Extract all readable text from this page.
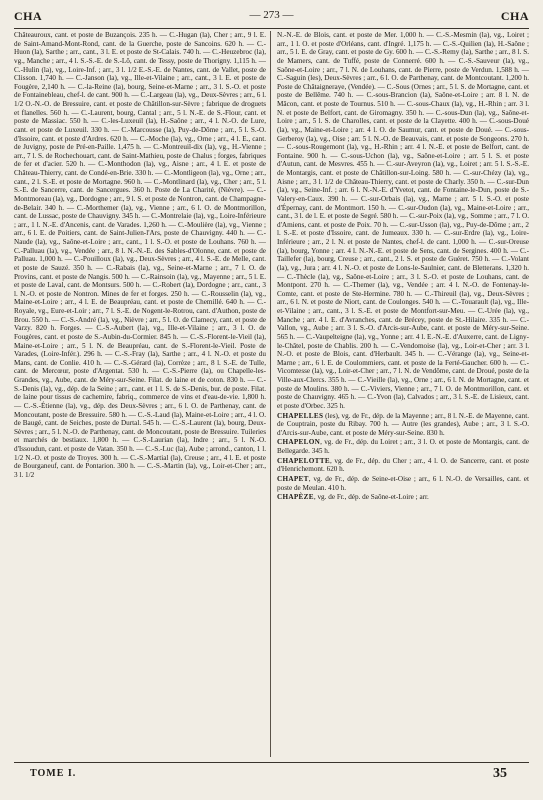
CHA	— 273 —	CHA

Châteauroux, cant. et poste de Buzançois. 235 h. — C.-Hugan (la), Cher ; arr., 9 l. E. de Saint-Amand-Mont-Rond, cant. de la Guerche, poste de Sancoins. 620 h. — C.-Huon (la), Sarthe ; arr., cant., 3 l. E. et poste de St-Calais. 740 h. — C.-Heuzebroc (la), vg., Manche ; arr., 4 l. S.-S.-E. de S.-Lô, cant. de Tessy, poste de Thorigny. 1,115 h. — C.-Hulin (la), vg., Loire-Inf. ; arr., 3 l. 1/2 E.-S.-E. de Nantes, cant. de Vallet, poste de Clisson. 1,740 h. — C.-Janson (la), vg., Ille-et-Vilaine ; arr., cant., 3 l. E. et poste de Fougère, 2,140 h. — C.-la-Reine (la), bourg, Seine-et-Marne ; arr., 3 l. S.-O. et poste de Fontainebleau, chef-l. de cant. 900 h. — C.-Largeau (la), vg., Deux-Sèvres ; arr., 6 l. 1/2 O.-N.-O. de Bressuire, cant. et poste de Châtillon-sur-Sèvre ; fabrique de droguets et flanelles. 560 h. — C.-Laurent, bourg, Cantal ; arr., 5 l. N.-E. de S.-Flour, cant. et poste de Massiac. 550 h. — C.-les-Luxeuil (la), H.-Saône ; arr., 4 l. N.-O. de Lure, cant. et poste de Luxeuil. 330 h. — C.-Marcousse (la), Puy-de-Dôme ; arr., 5 l. S.-O. d'Issoire, cant. et poste d'Ardres. 620 h. — C.-Moche (la), vg., Orne ; arr., 4 l. E., cant. de Juvigny, poste de Pré-en-Paille. 1,475 h. — C.-Montreuil-dix (la), vg., H.-Vienne ; arr., 7 l. S. de Rochechouart, cant. de Saint-Mathieu, poste de Chalus ; forges, fabriques de fer et d'acier. 520 h. — C.-Monthodon (la), vg., Aisne ; arr., 4 l. E. et poste de Château-Thierry, cant. de Condé-en-Brie. 330 h. — C.-Montligeon (la), vg., Orne ; arr., cant., 2 l. S.-E. et poste de Mortagne. 960 h. — C.-Montlinard (la), vg., Cher ; arr., 5 l. S.-E. de Sancerre, cant. de Sancergues. 360 h. Poste de La Charité, (Nièvre). — C.-Montmoreau (la), vg., Dordogne ; arr., 9 l. S. et poste de Nontron, cant. de Champagne-de-Belair. 340 h. — C.-Morthemer (la), vg., Vienne ; arr., 6 l. O. de Montmorillon, cant. de Lussac, poste de Chauvigny. 345 h. — C.-Montrelaie (la), vg., Loire-Inférieure ; arr., 1 l. N.-E. d'Ancenis, cant. de Varades. 1,260 h. — C.-Moulière (la), vg., Vienne ; arr., 6 l. E. de Poitiers, cant. de Saint-Julien-l'Ars, poste de Chauvigny. 440 h. — C.-Naude (la), vg., Saône-et-Loire ; arr., cant., 1 l. S.-O. et poste de Louhans. 760 h. — C.-Palluau (la), vg., Vendée ; arr., 8 l. N.-N.-E. des Sables-d'Olonne, cant. et poste de Palluau. 1,000 h. — C.-Pouilloux (la), vg., Deux-Sèvres ; arr., 4 l. S.-E. de Melle, cant. et poste de Sauzé. 350 h. — C.-Rabais (la), vg., Seine-et-Marne ; arr., 7 l. O. de Provins, cant. et poste de Nangis. 500 h. — C.-Rainsoin (la), vg., Mayenne ; arr., 5 l. E. et poste de Laval, cant. de Montsurs. 500 h. — C.-Robert (la), Dordogne ; arr., cant., 3 l. N.-O. et poste de Nontron. Mines de fer et forges. 250 h. — C.-Rousselin (la), vg., Maine-et-Loire ; arr., 4 l. E. de Beaupréau, cant. et poste de Chemillé. 640 h. — C.-Royale, vg., Eure-et-Loir ; arr., 7 l. S.-E. de Nogent-le-Rotrou, cant. d'Authon, poste de Brou. 550 h. — C.-S.-André (la), vg., Nièvre ; arr., 5 l. O. de Clamecy, cant. et poste de Varzy. 820 h. Forges. — C.-S.-Aubert (la), vg., Ille-et-Vilaine ; arr., 3 l. O. de Fougères, cant. et poste de S.-Aubin-du-Cormier. 845 h. — C.-S.-Florent-le-Vieil (la), Maine-et-Loire ; arr., 5 l. N. de Beaupréau, cant. de S.-Florent-le-Vieil. Poste de Varades, (Loire-Infér.). 296 h. — C.-S.-Fray (la), Sarthe ; arr., 4 l. N.-O. et poste du Mans, cant. de Conlie. 410 h. — C.-S.-Gérard (la), Corrèze ; arr., 8 l. S.-E. de Tulle, cant. de Mercœur, poste d'Argentat. 530 h. — C.-S.-Pierre (la), ou Chapelle-les-Grandes, vg., Aube, cant. de Méry-sur-Seine. Filat. de laine et de coton. 830 h. — C.-S.-Denis (la), vg., dép. de la Seine ; arr., cant. et 1 l. S. de S.-Denis, bur. de poste. Filat. de laine pour tissus de cachemire, fabriq., commerce de vins et d'eau-de-vie. 1,800 h. — C.-S.-Étienne (la), vg., dép. des Deux-Sèvres ; arr., 6 l. O. de Parthenay, cant. de Moncoutant, poste de Bressuire. 580 h. — C.-S.-Laud (la), Maine-et-Loire ; arr., 4 l. O. de Baugé, cant. de Seiches, poste de Durtal. 545 h. — C.-S.-Laurent (la), bourg, Deux-Sèvres ; arr., 5 l. N.-O. de Parthenay, cant. de Moncoutant, poste de Bressuire. Tuileries et marchés de bestiaux. 1,800 h. — C.-S.-Laurian (la), Indre ; arr., 5 l. N.-O. d'Issoudun, cant. et poste de Vatan. 350 h. — C.-S.-Luc (la), Aube ; arrond., canton, 1 l. 1/2 N.-O. et poste de Troyes. 300 h. — C.-S.-Martial (la), Creuse ; arr., 4 l. E. et poste de Bourganeuf, cant. de Pontarion. 300 h. — C.-S.-Martin (la), vg., Loir-et-Cher ; arr., 3 l. 1/2

N.-N.-E. de Blois, cant. et poste de Mer. 1,000 h. — C.-S.-Mesmin (la), vg., Loiret ; arr., 1 l. O. et poste d'Orléans, cant. d'Ingré. 1,175 h. — C.-S.-Quilien (la), H.-Saône ; arr., 5 l. E. de Gray, cant. et poste de Gy. 600 h. — C.-S.-Remy (la), Sarthe ; arr., 8 l. S. de Mamers, cant. de Tuffé, poste de Connerré. 600 h. — C.-S.-Sauveur (la), vg., Saône-et-Loire ; arr., 7 l. N. de Louhans, cant. de Pierre, poste de Verdun. 1,588 h. — C.-Saguin (les), Deux-Sèvres ; arr., 6 l. O. de Parthenay, cant. de Montcoutant. 1,200 h. Poste de Châtaigneraye, (Vendée). — C.-Sous (Ornes ; arr., 5 l. S. de Mortagne, cant. et poste de Bellême. 740 h. — C.-sous-Brancion (la), Saône-et-Loire ; arr. 8 l. N. de Mâcon, cant. et poste de Tournus. 510 h. — C.-sous-Chaux (la), vg., H.-Rhin ; arr. 3 l. N. et poste de Belfort, cant. de Giromagny. 350 h. — C.-sous-Dun (la), vg., Saône-et-Loire ; arr., 5 l. S. de Charolles, cant. et poste de la Clayette. 400 h. — C.-sous-Doué (la), vg., Maine-et-Loire ; arr. 4 l. O. de Saumur, cant. et poste de Doué. — C.-sous-Gerberoy (la), vg., Oise ; arr. 5 l. N.-O. de Beauvais, cant. et poste de Songeons. 270 h. — C.-sous-Rougemont (la), vg., H.-Rhin ; arr. 4 l. N.-E. et poste de Belfort, cant. de Fontaine. 900 h. — C.-sous-Uchon (la), vg., Saône-et-Loire ; arr. 5 l. S. et poste d'Autun, cant. de Mesvres. 455 h. — C.-sur-Aveyron (la), vg., Loiret ; arr. 5 l. S.-S.-E. de Montargis, cant. et poste de Châtillon-sur-Loing. 580 h. — C.-sur-Chézy (la), vg., Aisne ; arr., 3 l. 1/2 de Château-Thierry, cant. et poste de Charly. 350 h. — C.-sur-Dun (la), vg., Seine-Inf. ; arr. 6 l. N.-N.-E. d'Yvetot, cant. de Fontaine-le-Dun, poste de S.-Valery-en-Caux. 390 h. — C.-sur-Orbais (la), vg., Marne ; arr. 5 l. S.-O. et poste d'Épernay, cant. de Montmort. 150 h. — C.-sur-Oudon (la), vg., Maine-et-Loire ; arr., cant., 3 l. de l. E. et poste de Segré. 580 h. — C.-sur-Poix (la), vg., Somme ; arr., 7 l. O. d'Amiens, cant. et poste de Poix. 70 h. — C.-sur-Usson (la), vg., Puy-de-Dôme ; arr., 2 l. S.-E. et poste d'Issoire, cant. de Jumeaux. 330 h. — C.-sur-Erdre (la), vg., Loire-Inférieure ; arr., 2 l. N. et poste de Nantes, chef-l. de cant. 1,000 h. — C.-sur-Oreuse (la), bourg, Yonne ; arr. 4 l. N.-N.-E. et poste de Sens, cant. de Sergines. 400 h. — C.-Taillefer (la), bourg, Creuse ; arr., cant., 2 l. S. et poste de Guéret. 750 h. — C.-Volant (la), vg., Jura ; arr. 4 l. N.-O. et poste de Lons-le-Saulnier, cant. de Bletterans. 1,320 h. — C.-Thècle (la), vg., Saône-et-Loire ; arr., 3 l. S.-O. et poste de Louhans, cant. de Montpont. 270 h. — C.-Themer (la), vg., Vendée ; arr. 4 l. N.-O. de Fontenay-le-Comte, cant. et poste de Ste-Hermine. 780 h. — C.-Thireuil (la), vg., Deux-Sèvres ; arr., 6 l. N. et poste de Niort, cant. de Coulonges. 540 h. — C.-Touarault (la), vg., Ille-et-Vilaine ; arr., cant., 3 l. S.-E. et poste de Montfort-sur-Meu. — C.-Urée (la), vg., Manche ; arr. 4 l. E. d'Avranches, cant. de Brécey, poste de St.-Hilaire. 335 h. — C.-Vallon, vg., Aube ; arr. 3 l. S.-O. d'Arcis-sur-Aube, cant. et poste de Méry-sur-Seine. 565 h. — C.-Vaupelteigne (la), vg., Yonne ; arr. 4 l. E.-N.-E. d'Auxerre, cant. de Ligny-le-Châtel, poste de Chablis. 200 h. — C.-Vendomoise (la), vg., Loir-et-Cher ; arr. 3 l. N.-O. et poste de Blois, cant. d'Herbault. 345 h. — C.-Vérange (la), vg., Seine-et-Marne ; arr., 6 l. E. de Coulommiers, cant. et poste de la Ferté-Gaucher. 600 h. — C.-Vicomtesse (la), vg., Loir-et-Cher ; arr., 7 l. N. de Vendôme, cant. de Droué, poste de la Ville-aux-Clercs. 355 h. — C.-Vieille (la), vg., Orne ; arr., 6 l. N. de Mortagne, cant. et poste de Moulins. 380 h. — C.-Viviers, Vienne ; arr., 7 l. O. de Montmorillon, cant. et poste de Chauvigny. 465 h. — C.-Yvon (la), Calvados ; arr., 3 l. S.-E. de Lisieux, cant. et poste d'Orbec. 325 h.

CHAPELLES (les), vg. de Fr., dép. de la Mayenne ; arr., 8 l. N.-E. de Mayenne, cant. de Couptrain, poste du Ribay. 700 h. — Autre (les grandes), Aube ; arr., 3 l. S.-O. d'Arcis-sur-Aube, cant. et poste de Méry-sur-Seine. 830 h.

CHAPELON, vg. de Fr., dép. du Loiret ; arr., 3 l. O. et poste de Montargis, cant. de Bellegarde. 345 h.

CHAPELOTTE, vg. de Fr., dép. du Cher ; arr., 4 l. O. de Sancerre, cant. et poste d'Henrichemont. 620 h.

CHAPET, vg. de Fr., dép. de Seine-et-Oise ; arr., 6 l. N.-O. de Versailles, cant. et poste de Meulan. 410 h.

CHAPÈZE, vg. de Fr., dép. de Saône-et-Loire ; arr.

TOME I.	35
